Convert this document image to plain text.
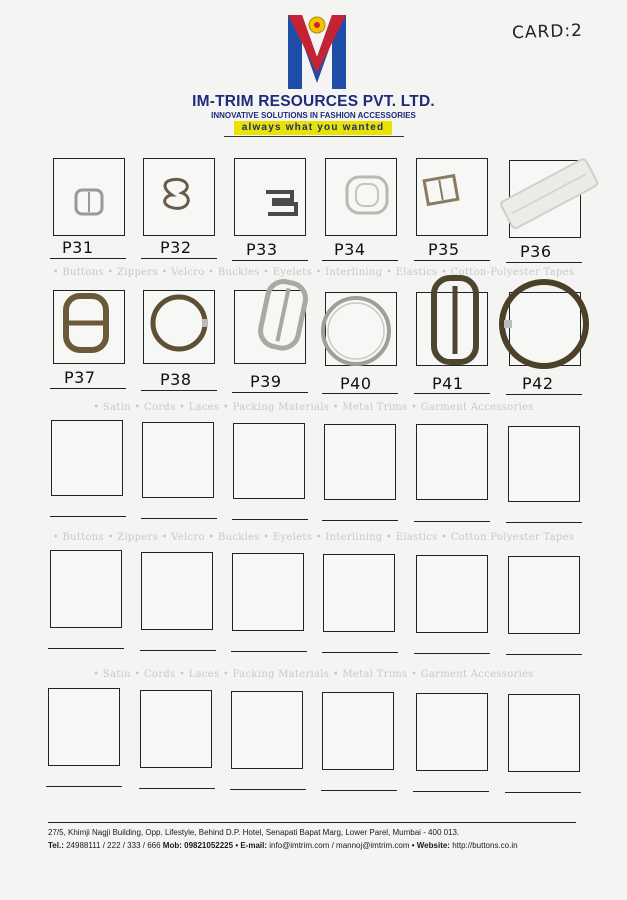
CARD:2
IM-TRIM RESOURCES PVT. LTD.
INNOVATIVE SOLUTIONS IN FASHION ACCESSORIES
always what you wanted
• Buttons • Zippers • Velcro • Buckles • Eyelets • Interlining • Elastics • Cotton-Polyester Tapes
• Satin • Cords • Laces • Packing Materials • Metal Trims • Garment Accessories
• Buttons • Zippers • Velcro • Buckles • Eyelets • Interlining • Elastics • Cotton Polyester Tapes
• Satin • Cords • Laces • Packing Materials • Metal Trims • Garment Accessories
P31	P32	P33	P34	P35	P36
P37	P38	P39	P40	P41	P42
27/5, Khimji Nagji Building, Opp. Lifestyle, Behind D.P. Hotel, Senapati Bapat Marg, Lower Parel, Mumbai - 400 013.
Tel.: 24988111 / 222 / 333 / 666 Mob: 09821052225 • E-mail: info@imtrim.com / mannoj@imtrim.com • Website: http://buttons.co.in
